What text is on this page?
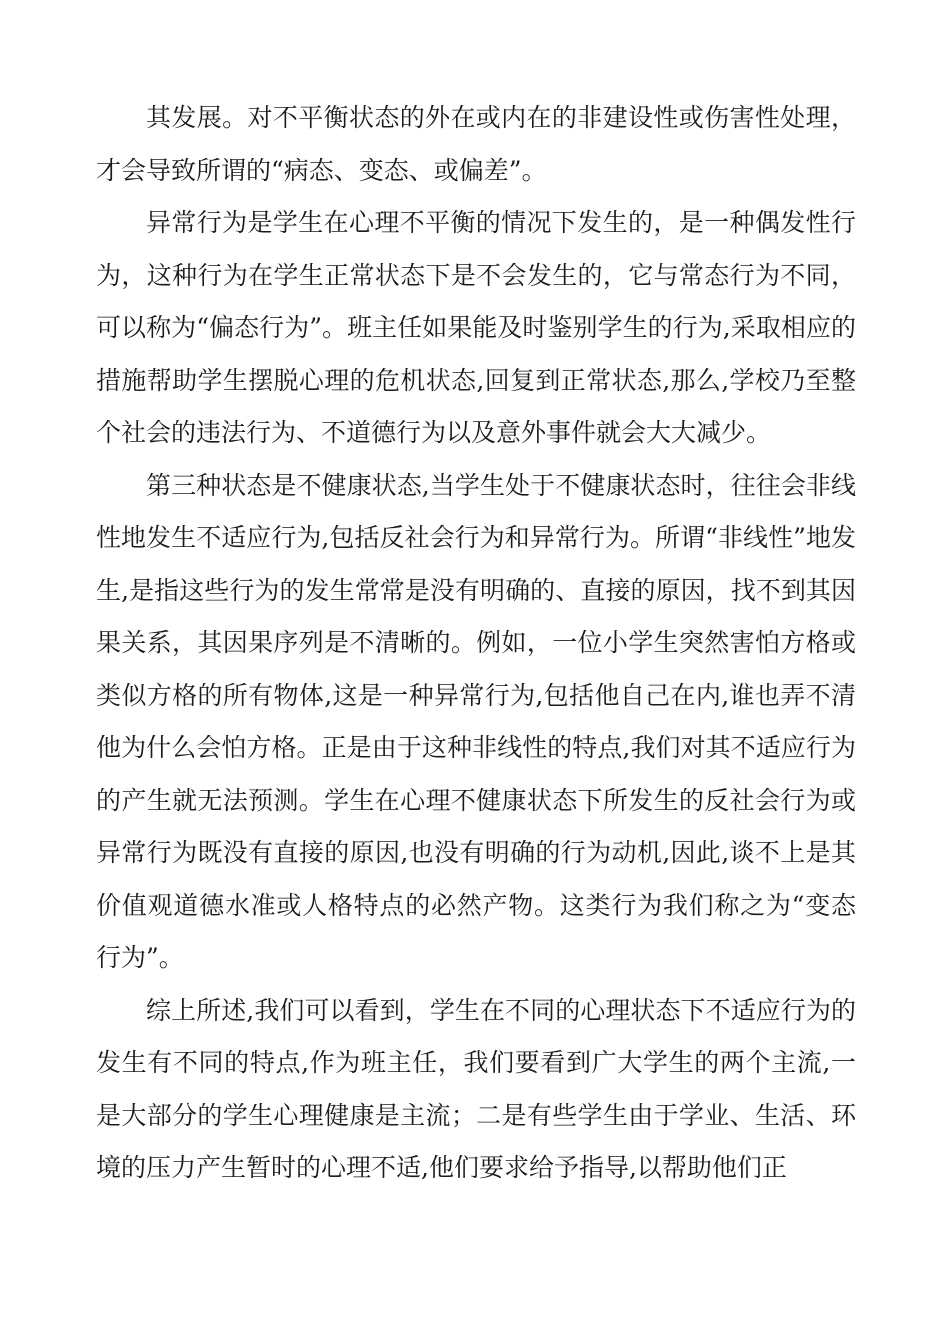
其发展。对不平衡状态的外在或内在的非建设性或伤害性处理，才会导致所谓的“病态、变态、或偏差”。

异常行为是学生在心理不平衡的情况下发生的，是一种偶发性行为，这种行为在学生正常状态下是不会发生的，它与常态行为不同，可以称为“偏态行为”。班主任如果能及时鉴别学生的行为,采取相应的措施帮助学生摆脱心理的危机状态,回复到正常状态,那么,学校乃至整个社会的违法行为、不道德行为以及意外事件就会大大减少。

第三种状态是不健康状态,当学生处于不健康状态时，往往会非线性地发生不适应行为,包括反社会行为和异常行为。所谓“非线性”地发生,是指这些行为的发生常常是没有明确的、直接的原因，找不到其因果关系，其因果序列是不清晰的。例如，一位小学生突然害怕方格或类似方格的所有物体,这是一种异常行为,包括他自己在内,谁也弄不清他为什么会怕方格。正是由于这种非线性的特点,我们对其不适应行为的产生就无法预测。学生在心理不健康状态下所发生的反社会行为或异常行为既没有直接的原因,也没有明确的行为动机,因此,谈不上是其价值观道德水准或人格特点的必然产物。这类行为我们称之为“变态行为”。

综上所述,我们可以看到，学生在不同的心理状态下不适应行为的发生有不同的特点,作为班主任，我们要看到广大学生的两个主流,一是大部分的学生心理健康是主流；二是有些学生由于学业、生活、环境的压力产生暂时的心理不适,他们要求给予指导,以帮助他们正
